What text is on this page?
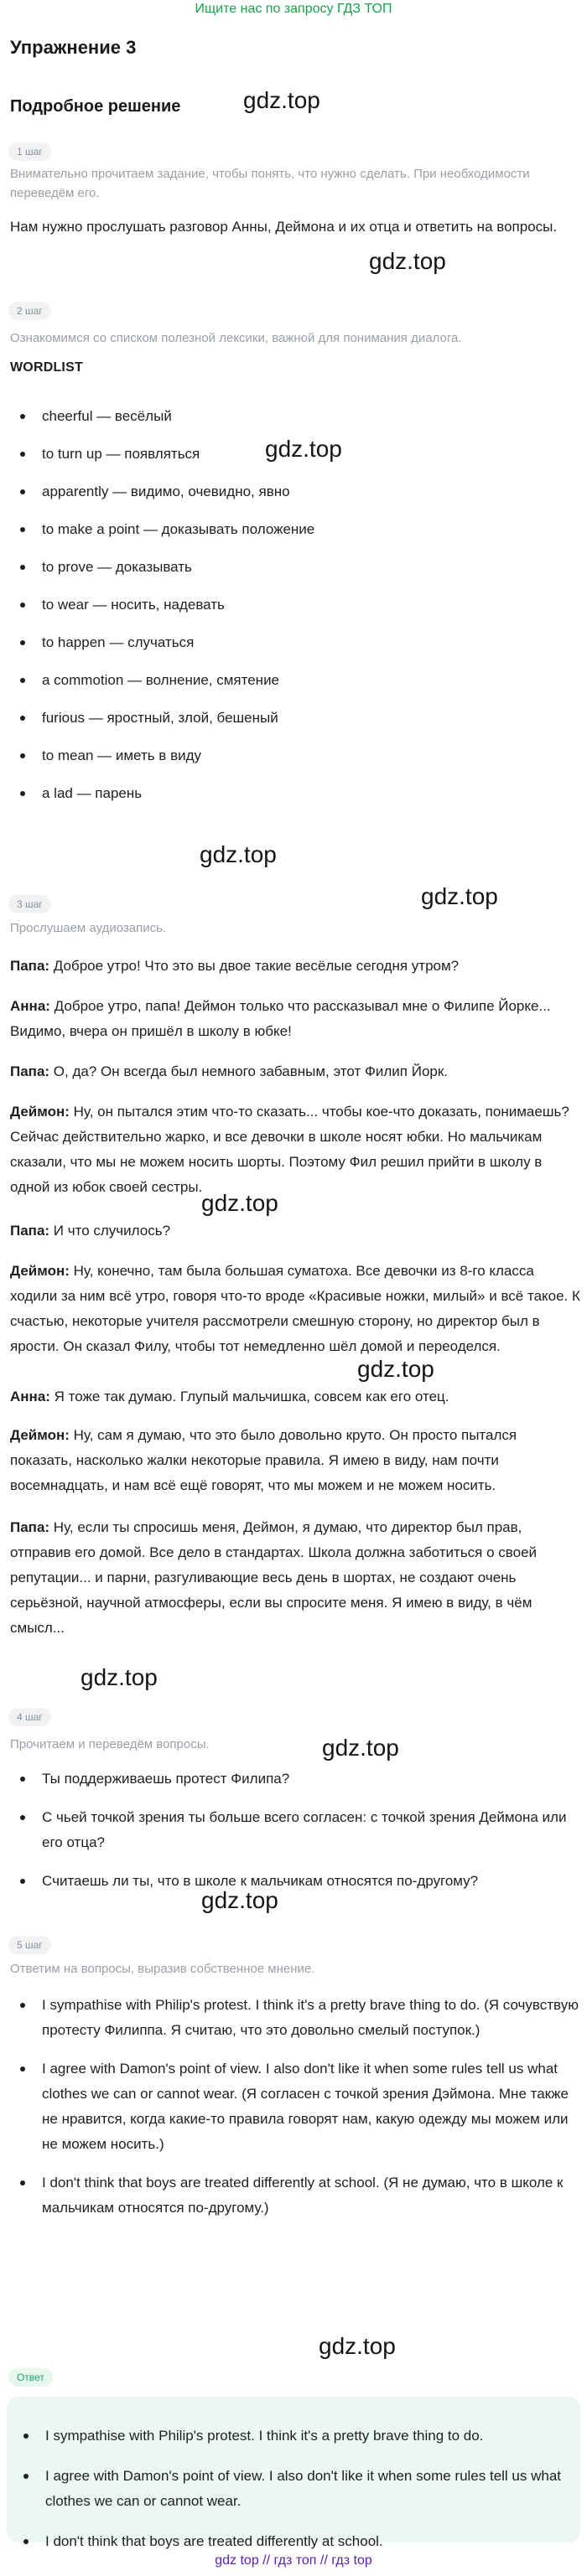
Ищите нас по запросу ГДЗ ТОП
Упражнение 3
Подробное решение	gdz.top
gdz.top
gdz.top
gdz.top
gdz.top
gdz.top
gdz.top
gdz.top
gdz.top
gdz.top
gdz.top
1 шаг
Внимательно прочитаем задание, чтобы понять, что нужно сделать. При необходимости переведём его.
Нам нужно прослушать разговор Анны, Деймона и их отца и ответить на вопросы.
2 шаг
Ознакомимся со списком полезной лексики, важной для понимания диалога.
WORDLIST
cheerful — весёлый
to turn up — появляться
apparently — видимо, очевидно, явно
to make a point — доказывать положение
to prove — доказывать
to wear — носить, надевать
to happen — случаться
a commotion — волнение, смятение
furious — яростный, злой, бешеный
to mean — иметь в виду
a lad — парень
3 шаг
Прослушаем аудиозапись.
Папа: Доброе утро! Что это вы двое такие весёлые сегодня утром?
Анна: Доброе утро, папа! Деймон только что рассказывал мне о Филипе Йорке... Видимо, вчера он пришёл в школу в юбке!
Папа: О, да? Он всегда был немного забавным, этот Филип Йорк.
Деймон: Ну, он пытался этим что-то сказать... чтобы кое-что доказать, понимаешь? Сейчас действительно жарко, и все девочки в школе носят юбки. Но мальчикам сказали, что мы не можем носить шорты. Поэтому Фил решил прийти в школу в одной из юбок своей сестры.
Папа: И что случилось?
Деймон: Ну, конечно, там была большая суматоха. Все девочки из 8-го класса ходили за ним всё утро, говоря что-то вроде «Красивые ножки, милый» и всё такое. К счастью, некоторые учителя рассмотрели смешную сторону, но директор был в ярости. Он сказал Филу, чтобы тот немедленно шёл домой и переоделся.
Анна: Я тоже так думаю. Глупый мальчишка, совсем как его отец.
Деймон: Ну, сам я думаю, что это было довольно круто. Он просто пытался показать, насколько жалки некоторые правила. Я имею в виду, нам почти восемнадцать, и нам всё ещё говорят, что мы можем и не можем носить.
Папа: Ну, если ты спросишь меня, Деймон, я думаю, что директор был прав, отправив его домой. Все дело в стандартах. Школа должна заботиться о своей репутации... и парни, разгуливающие весь день в шортах, не создают очень серьёзной, научной атмосферы, если вы спросите меня. Я имею в виду, в чём смысл...
4 шаг
Прочитаем и переведём вопросы.
Ты поддерживаешь протест Филипа?
С чьей точкой зрения ты больше всего согласен: с точкой зрения Деймона или его отца?
Считаешь ли ты, что в школе к мальчикам относятся по-другому?
5 шаг
Ответим на вопросы, выразив собственное мнение.
I sympathise with Philip's protest. I think it's a pretty brave thing to do. (Я сочувствую протесту Филиппа. Я считаю, что это довольно смелый поступок.)
I agree with Damon's point of view. I also don't like it when some rules tell us what clothes we can or cannot wear. (Я согласен с точкой зрения Дэймона. Мне также не нравится, когда какие-то правила говорят нам, какую одежду мы можем или не можем носить.)
I don't think that boys are treated differently at school. (Я не думаю, что в школе к мальчикам относятся по-другому.)
Ответ
I sympathise with Philip's protest. I think it's a pretty brave thing to do.
I agree with Damon's point of view. I also don't like it when some rules tell us what clothes we can or cannot wear.
I don't think that boys are treated differently at school.
gdz top // гдз топ // гдз top
